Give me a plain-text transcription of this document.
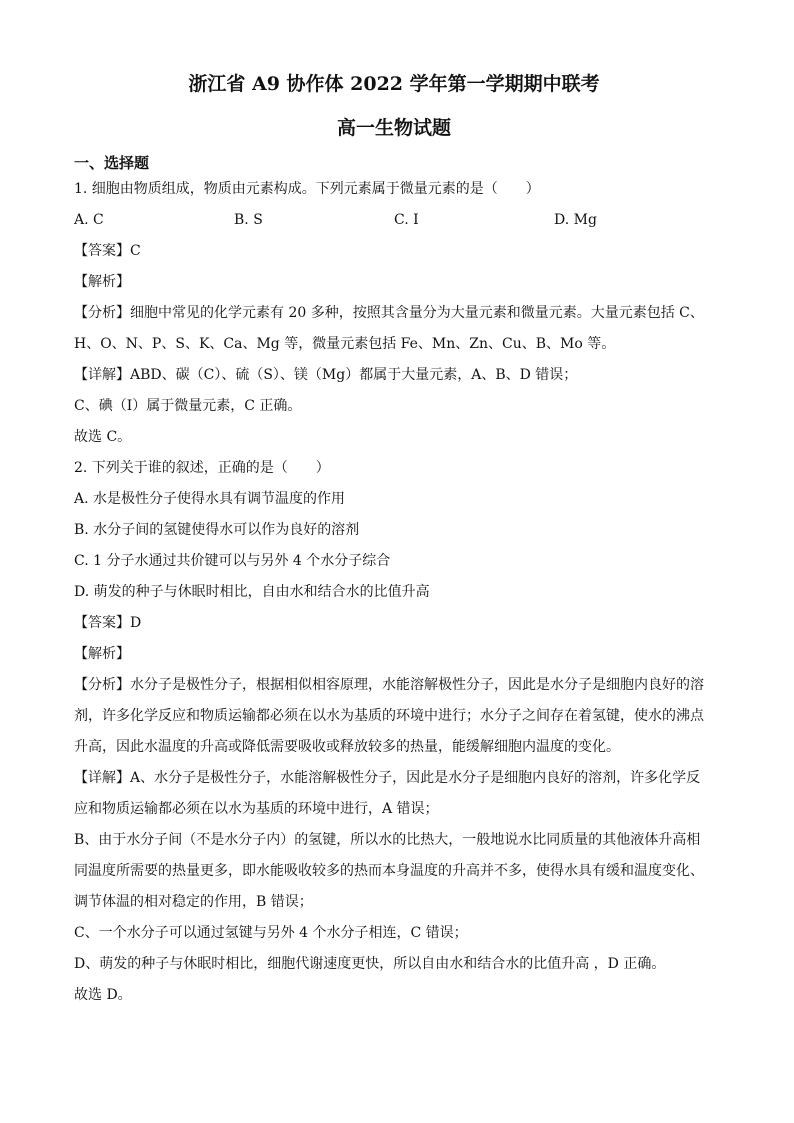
浙江省 A9 协作体 2022 学年第一学期期中联考
高一生物试题
一、选择题
1. 细胞由物质组成，物质由元素构成。下列元素属于微量元素的是（　　）
A. C	B. S	C. I	D. Mg
【答案】C
【解析】
【分析】细胞中常见的化学元素有 20 多种，按照其含量分为大量元素和微量元素。大量元素包括 C、H、O、N、P、S、K、Ca、Mg 等，微量元素包括 Fe、Mn、Zn、Cu、B、Mo 等。
【详解】ABD、碳（C）、硫（S）、镁（Mg）都属于大量元素，A、B、D 错误；
C、碘（I）属于微量元素，C 正确。
故选 C。
2. 下列关于谁的叙述，正确的是（　　）
A. 水是极性分子使得水具有调节温度的作用
B. 水分子间的氢键使得水可以作为良好的溶剂
C. 1 分子水通过共价键可以与另外 4 个水分子综合
D. 萌发的种子与休眠时相比，自由水和结合水的比值升高
【答案】D
【解析】
【分析】水分子是极性分子，根据相似相容原理，水能溶解极性分子，因此是水分子是细胞内良好的溶剂，许多化学反应和物质运输都必须在以水为基质的环境中进行；水分子之间存在着氢键，使水的沸点升高，因此水温度的升高或降低需要吸收或释放较多的热量，能缓解细胞内温度的变化。
【详解】A、水分子是极性分子，水能溶解极性分子，因此是水分子是细胞内良好的溶剂，许多化学反应和物质运输都必须在以水为基质的环境中进行，A 错误；
B、由于水分子间（不是水分子内）的氢键，所以水的比热大，一般地说水比同质量的其他液体升高相同温度所需要的热量更多，即水能吸收较多的热而本身温度的升高并不多，使得水具有缓和温度变化、调节体温的相对稳定的作用，B 错误；
C、一个水分子可以通过氢键与另外 4 个水分子相连，C 错误；
D、萌发的种子与休眠时相比，细胞代谢速度更快，所以自由水和结合水的比值升高 ，D 正确。
故选 D。
